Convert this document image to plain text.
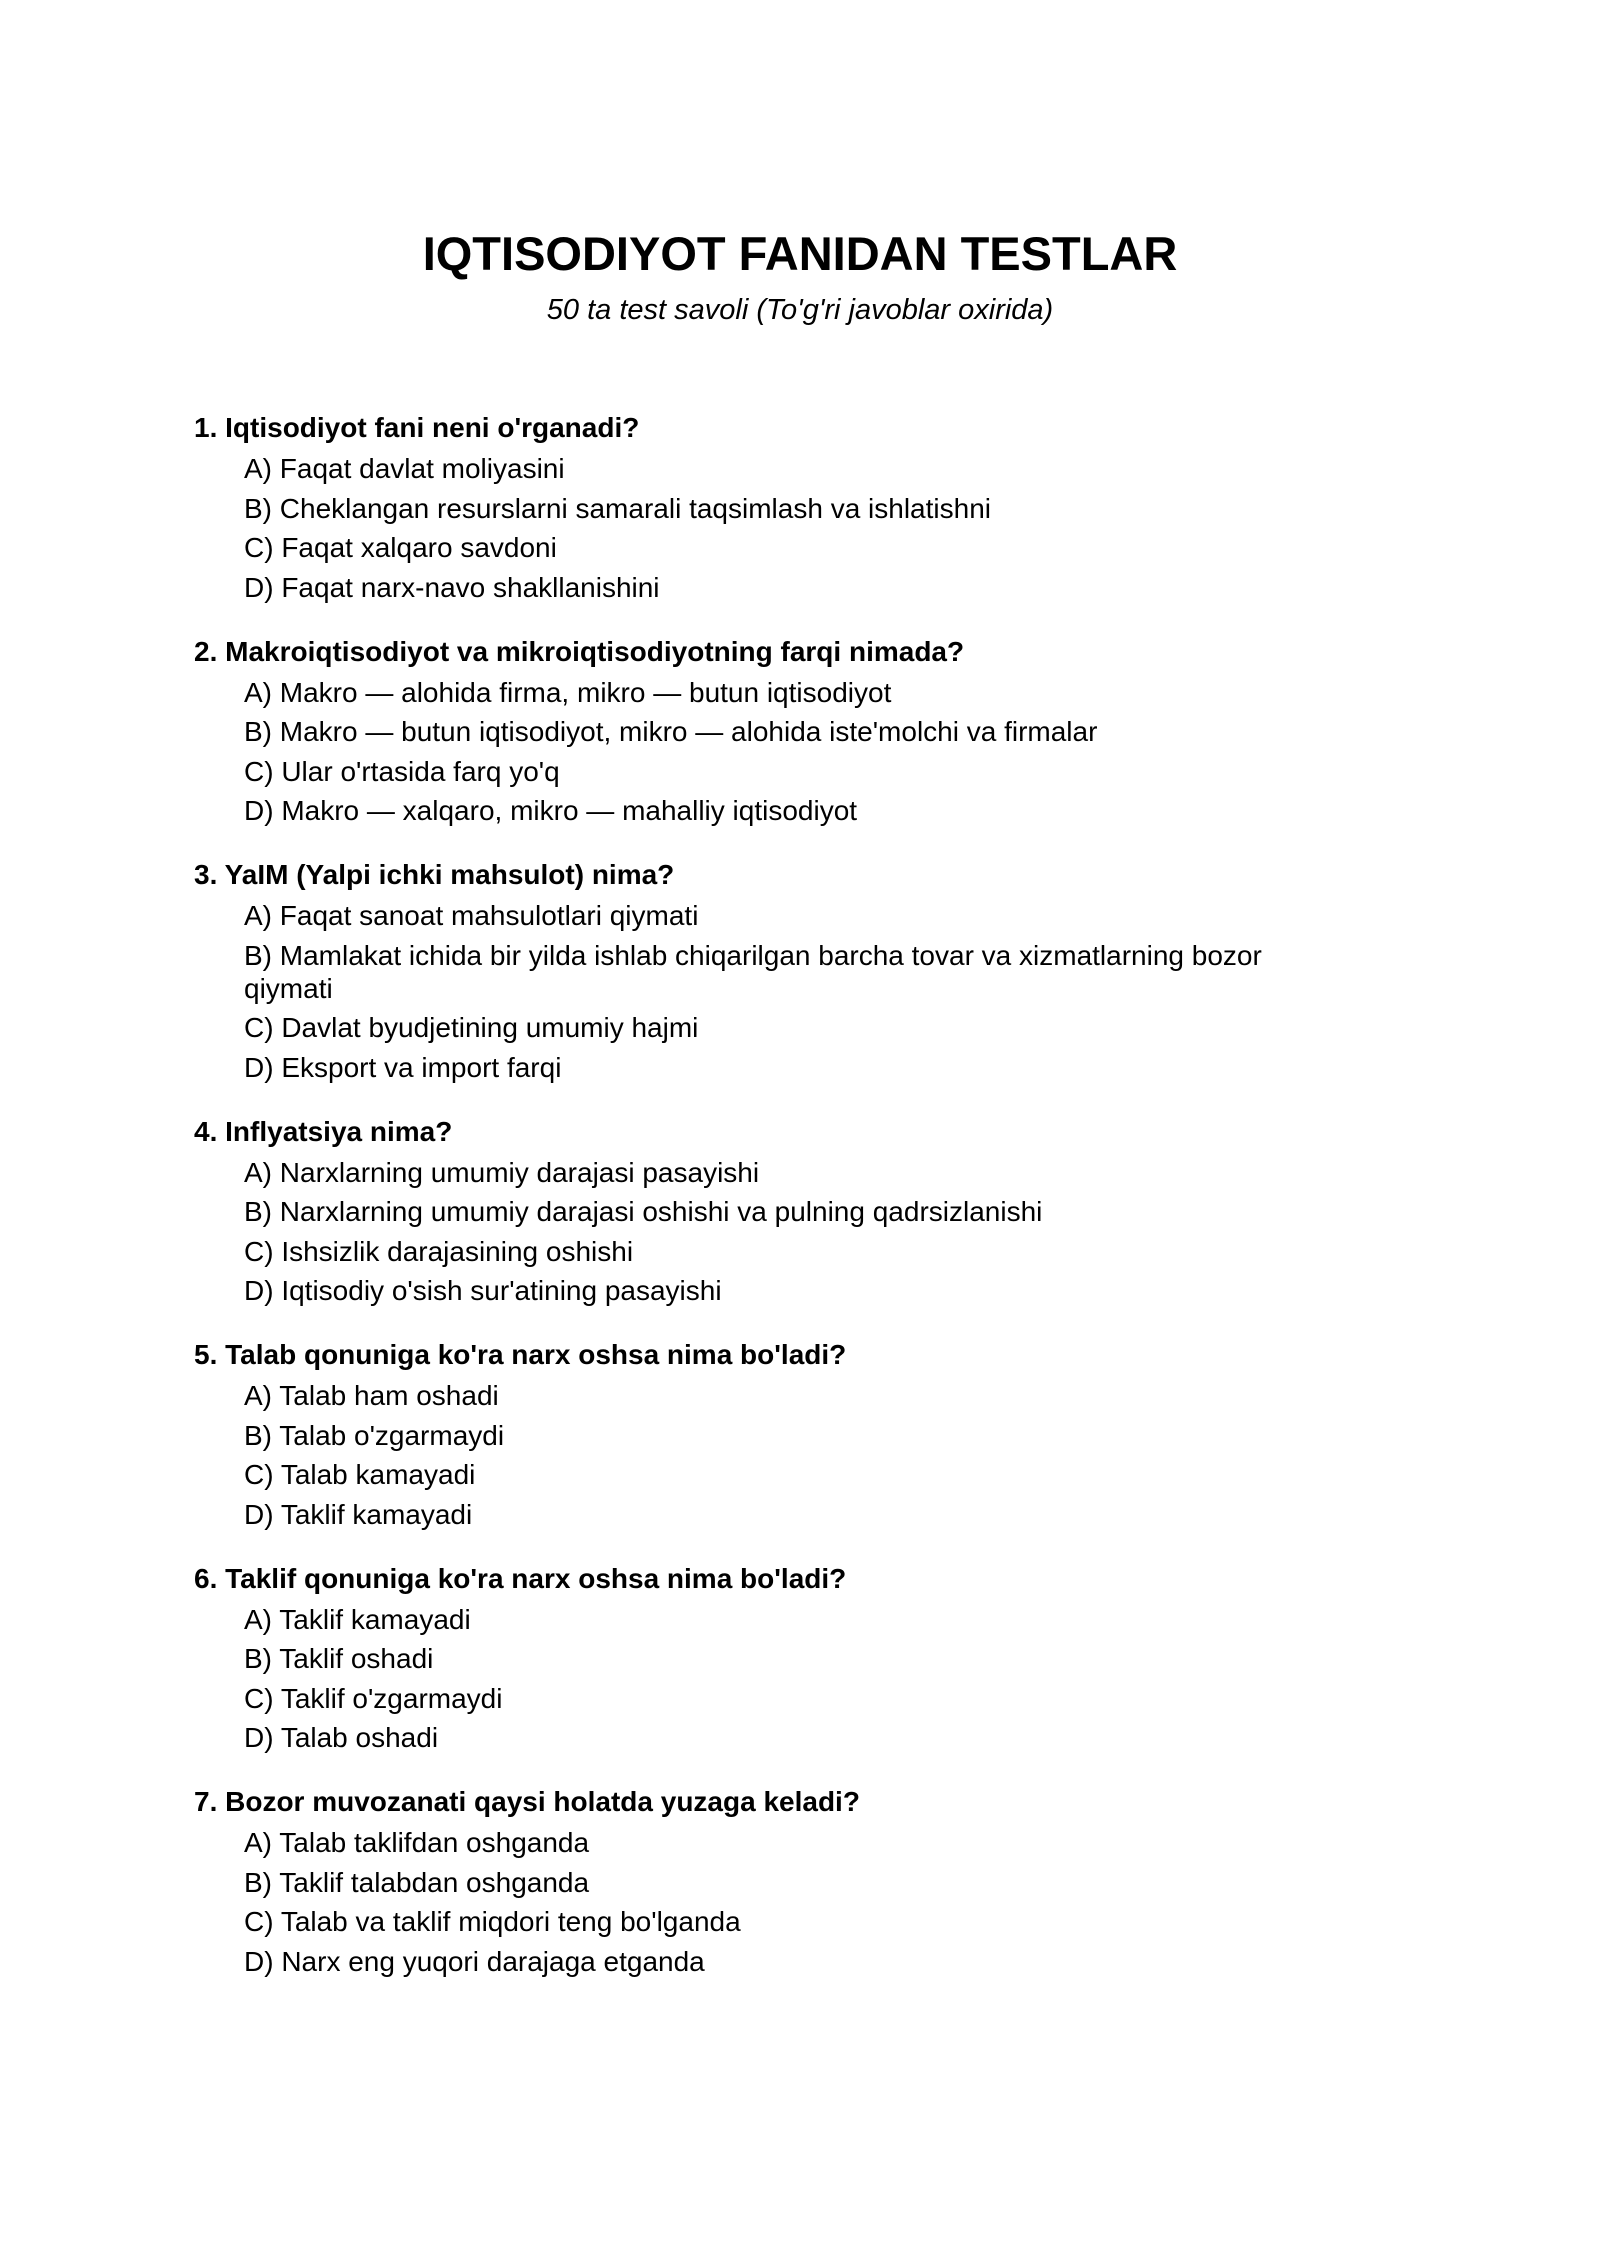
IQTISODIYOT FANIDAN TESTLAR
50 ta test savoli (To'g'ri javoblar oxirida)
1. Iqtisodiyot fani neni o'rganadi?
A) Faqat davlat moliyasini
B) Cheklangan resurslarni samarali taqsimlash va ishlatishni
C) Faqat xalqaro savdoni
D) Faqat narx-navo shakllanishini
2. Makroiqtisodiyot va mikroiqtisodiyotning farqi nimada?
A) Makro — alohida firma, mikro — butun iqtisodiyot
B) Makro — butun iqtisodiyot, mikro — alohida iste'molchi va firmalar
C) Ular o'rtasida farq yo'q
D) Makro — xalqaro, mikro — mahalliy iqtisodiyot
3. YaIM (Yalpi ichki mahsulot) nima?
A) Faqat sanoat mahsulotlari qiymati
B) Mamlakat ichida bir yilda ishlab chiqarilgan barcha tovar va xizmatlarning bozor qiymati
C) Davlat byudjetining umumiy hajmi
D) Eksport va import farqi
4. Inflyatsiya nima?
A) Narxlarning umumiy darajasi pasayishi
B) Narxlarning umumiy darajasi oshishi va pulning qadrsizlanishi
C) Ishsizlik darajasining oshishi
D) Iqtisodiy o'sish sur'atining pasayishi
5. Talab qonuniga ko'ra narx oshsa nima bo'ladi?
A) Talab ham oshadi
B) Talab o'zgarmaydi
C) Talab kamayadi
D) Taklif kamayadi
6. Taklif qonuniga ko'ra narx oshsa nima bo'ladi?
A) Taklif kamayadi
B) Taklif oshadi
C) Taklif o'zgarmaydi
D) Talab oshadi
7. Bozor muvozanati qaysi holatda yuzaga keladi?
A) Talab taklifdan oshganda
B) Taklif talabdan oshganda
C) Talab va taklif miqdori teng bo'lganda
D) Narx eng yuqori darajaga etganda
